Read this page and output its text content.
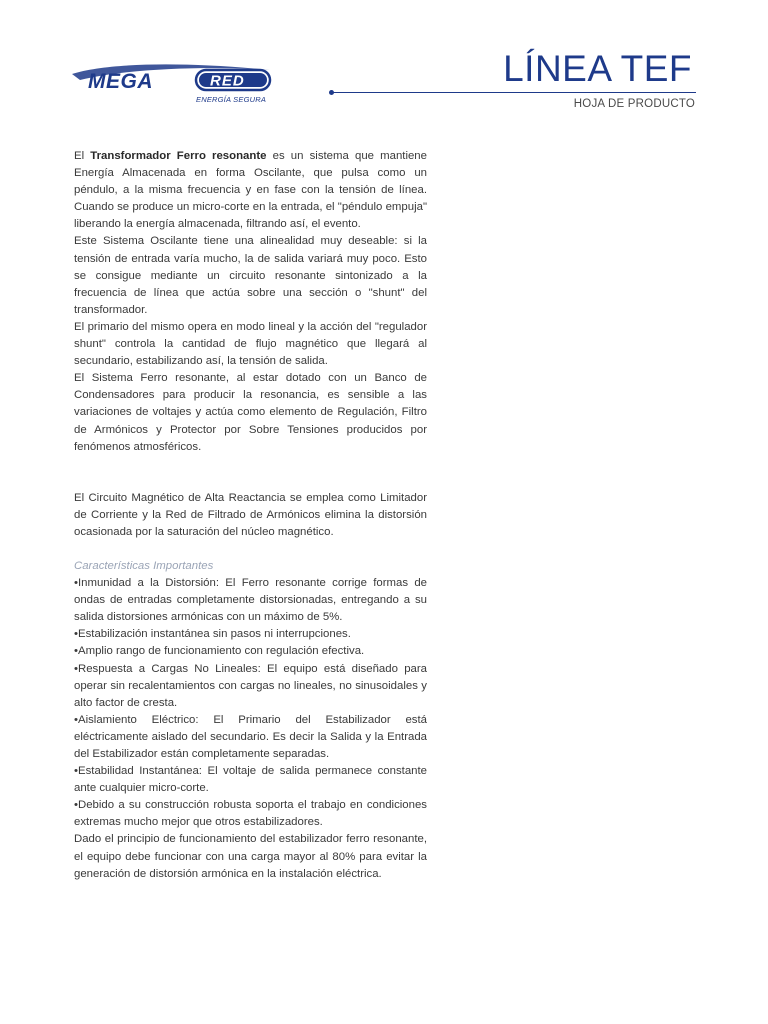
MEGA	RED
ENERGÍA SEGURA
LÍNEA TEF
HOJA DE PRODUCTO

El Transformador Ferro resonante es un sistema que mantiene Energía Almacenada en forma Oscilante, que pulsa como un péndulo, a la misma frecuencia y en fase con la tensión de línea. Cuando se produce un micro-corte en la entrada, el "péndulo empuja" liberando la energía almacenada, filtrando así, el evento.

Este Sistema Oscilante tiene una alinealidad muy deseable: si la tensión de entrada varía mucho, la de salida variará muy poco. Esto se consigue mediante un circuito resonante sintonizado a la frecuencia de línea que actúa sobre una sección o "shunt" del transformador.

El primario del mismo opera en modo lineal y la acción del "regulador shunt" controla la cantidad de flujo magnético que llegará al secundario, estabilizando así, la tensión de salida.

El Sistema Ferro resonante, al estar dotado con un Banco de Condensadores para producir la resonancia, es sensible a las variaciones de voltajes y actúa como elemento de Regulación, Filtro de Armónicos y Protector por Sobre Tensiones producidos por fenómenos atmosféricos.

El Circuito Magnético de Alta Reactancia se emplea como Limitador de Corriente y la Red de Filtrado de Armónicos elimina la distorsión ocasionada por la saturación del núcleo magnético.

Características Importantes

•Inmunidad a la Distorsión: El Ferro resonante corrige formas de ondas de entradas completamente distorsionadas, entregando a su salida distorsiones armónicas con un máximo de 5%.

•Estabilización instantánea sin pasos ni interrupciones.

•Amplio rango de funcionamiento con regulación efectiva.

•Respuesta a Cargas No Lineales: El equipo está diseñado para operar sin recalentamientos con cargas no lineales, no sinusoidales y alto factor de cresta.

•Aislamiento Eléctrico: El Primario del Estabilizador está eléctricamente aislado del secundario. Es decir la Salida y la Entrada del Estabilizador están completamente separadas.

•Estabilidad Instantánea: El voltaje de salida permanece constante ante cualquier micro-corte.

•Debido a su construcción robusta soporta el trabajo en condiciones extremas mucho mejor que otros estabilizadores.

Dado el principio de funcionamiento del estabilizador ferro resonante, el equipo debe funcionar con una carga mayor al 80% para evitar la generación de distorsión armónica en la instalación eléctrica.
